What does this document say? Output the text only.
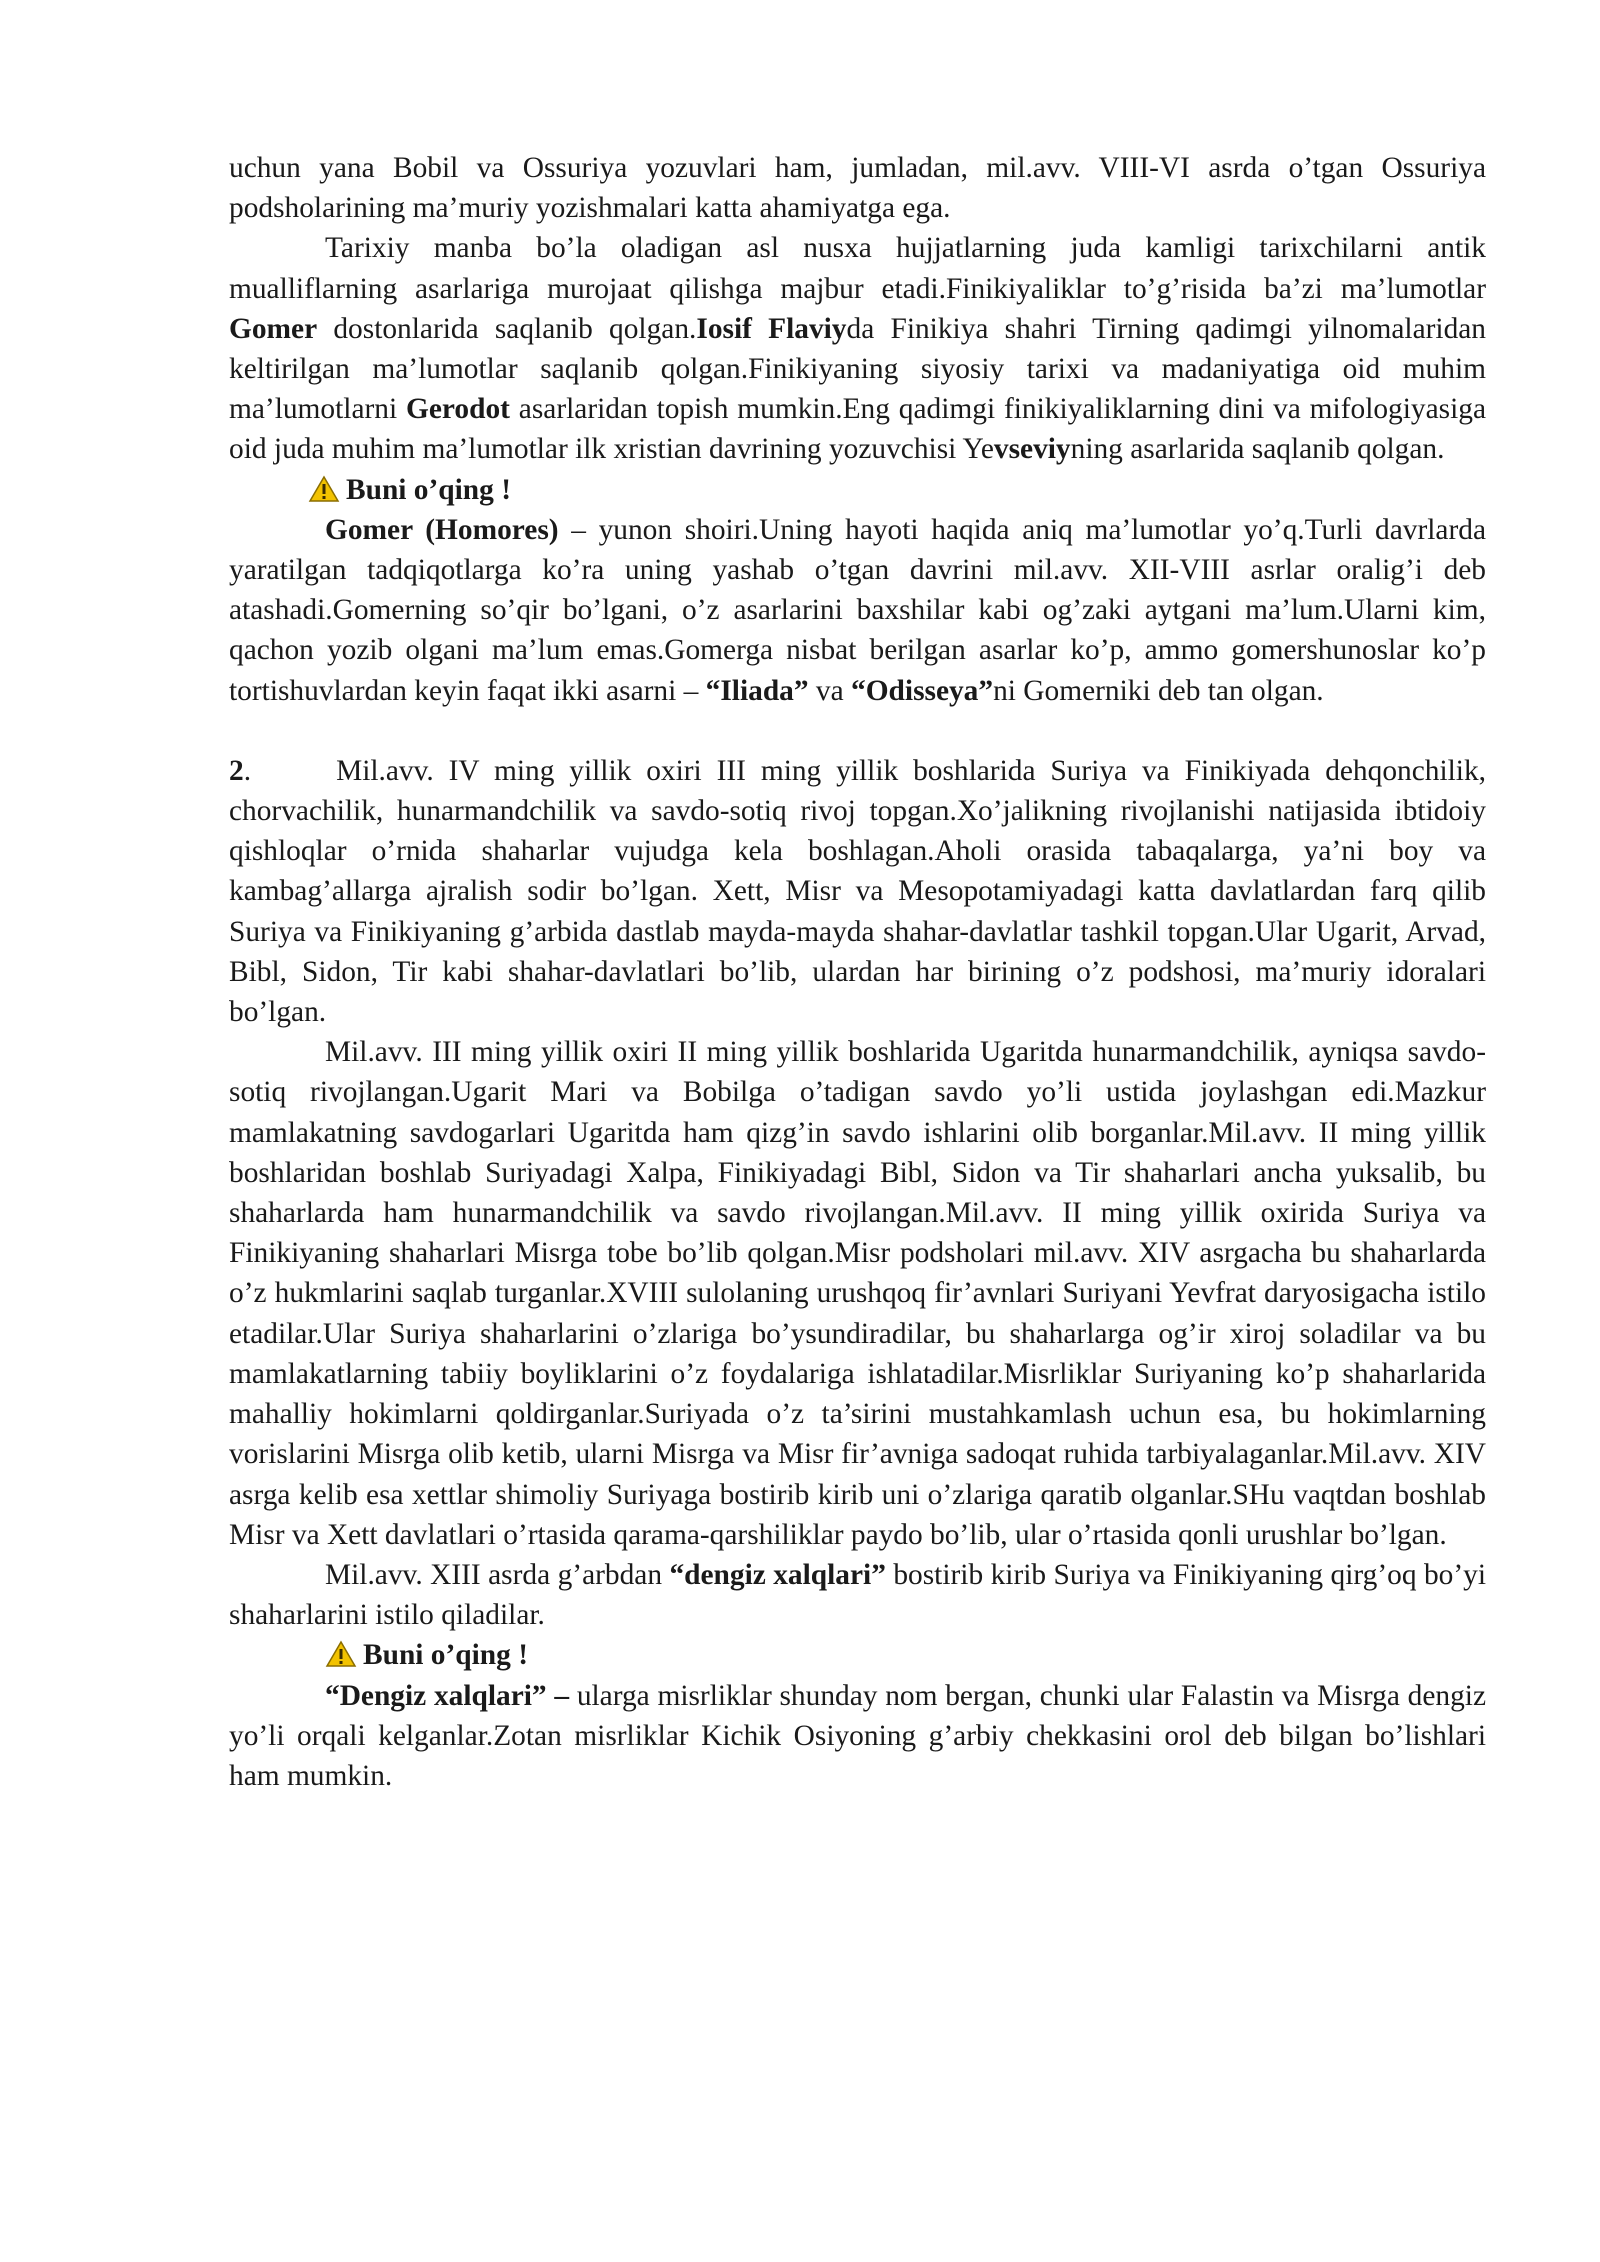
uchun yana Bobil va Ossuriya yozuvlari ham, jumladan, mil.avv. VIII-VI asrda o’tgan Ossuriya podsholarining ma’muriy yozishmalari katta ahamiyatga ega.

Tarixiy manba bo’la oladigan asl nusxa hujjatlarning juda kamligi tarixchilarni antik mualliflarning asarlariga murojaat qilishga majbur etadi.Finikiyaliklar to’g’risida ba’zi ma’lumotlar Gomer dostonlarida saqlanib qolgan.Iosif Flaviyda Finikiya shahri Tirning qadimgi yilnomalaridan keltirilgan ma’lumotlar saqlanib qolgan.Finikiyaning siyosiy tarixi va madaniyatiga oid muhim ma’lumotlarni Gerodot asarlaridan topish mumkin.Eng qadimgi finikiyaliklarning dini va mifologiyasiga oid juda muhim ma’lumotlar ilk xristian davrining yozuvchisi Yevseviyning asarlarida saqlanib qolgan.

Buni o’qing !

Gomer (Homores) – yunon shoiri.Uning hayoti haqida aniq ma’lumotlar yo’q.Turli davrlarda yaratilgan tadqiqotlarga ko’ra uning yashab o’tgan davrini mil.avv. XII-VIII asrlar oralig’i deb atashadi.Gomerning so’qir bo’lgani, o’z asarlarini baxshilar kabi og’zaki aytgani ma’lum.Ularni kim, qachon yozib olgani ma’lum emas.Gomerga nisbat berilgan asarlar ko’p, ammo gomershunoslar ko’p tortishuvlardan keyin faqat ikki asarni – “Iliada” va “Odisseya”ni Gomerniki deb tan olgan.

2.	Mil.avv. IV ming yillik oxiri III ming yillik boshlarida Suriya va Finikiyada dehqonchilik, chorvachilik, hunarmandchilik va savdo-sotiq rivoj topgan.Xo’jalikning rivojlanishi natijasida ibtidoiy qishloqlar o’rnida shaharlar vujudga kela boshlagan.Aholi orasida tabaqalarga, ya’ni boy va kambag’allarga ajralish sodir bo’lgan. Xett, Misr va Mesopotamiyadagi katta davlatlardan farq qilib Suriya va Finikiyaning g’arbida dastlab mayda-mayda shahar-davlatlar tashkil topgan.Ular Ugarit, Arvad, Bibl, Sidon, Tir kabi shahar-davlatlari bo’lib, ulardan har birining o’z podshosi, ma’muriy idoralari bo’lgan.

Mil.avv. III ming yillik oxiri II ming yillik boshlarida Ugaritda hunarmandchilik, ayniqsa savdo-sotiq rivojlangan.Ugarit Mari va Bobilga o’tadigan savdo yo’li ustida joylashgan edi.Mazkur mamlakatning savdogarlari Ugaritda ham qizg’in savdo ishlarini olib borganlar.Mil.avv. II ming yillik boshlaridan boshlab Suriyadagi Xalpa, Finikiyadagi Bibl, Sidon va Tir shaharlari ancha yuksalib, bu shaharlarda ham hunarmandchilik va savdo rivojlangan.Mil.avv. II ming yillik oxirida Suriya va Finikiyaning shaharlari Misrga tobe bo’lib qolgan.Misr podsholari mil.avv. XIV asrgacha bu shaharlarda o’z hukmlarini saqlab turganlar.XVIII sulolaning urushqoq fir’avnlari Suriyani Yevfrat daryosigacha istilo etadilar.Ular Suriya shaharlarini o’zlariga bo’ysundiradilar, bu shaharlarga og’ir xiroj soladilar va bu mamlakatlarning tabiiy boyliklarini o’z foydalariga ishlatadilar.Misrliklar Suriyaning ko’p shaharlarida mahalliy hokimlarni qoldirganlar.Suriyada o’z ta’sirini mustahkamlash uchun esa, bu hokimlarning vorislarini Misrga olib ketib, ularni Misrga va Misr fir’avniga sadoqat ruhida tarbiyalaganlar.Mil.avv. XIV asrga kelib esa xettlar shimoliy Suriyaga bostirib kirib uni o’zlariga qaratib olganlar.SHu vaqtdan boshlab Misr va Xett davlatlari o’rtasida qarama-qarshiliklar paydo bo’lib, ular o’rtasida qonli urushlar bo’lgan.

Mil.avv. XIII asrda g’arbdan “dengiz xalqlari” bostirib kirib Suriya va Finikiyaning qirg’oq bo’yi shaharlarini istilo qiladilar.

Buni o’qing !

“Dengiz xalqlari” – ularga misrliklar shunday nom bergan, chunki ular Falastin va Misrga dengiz yo’li orqali kelganlar.Zotan misrliklar Kichik Osiyoning g’arbiy chekkasini orol deb bilgan bo’lishlari ham mumkin.
